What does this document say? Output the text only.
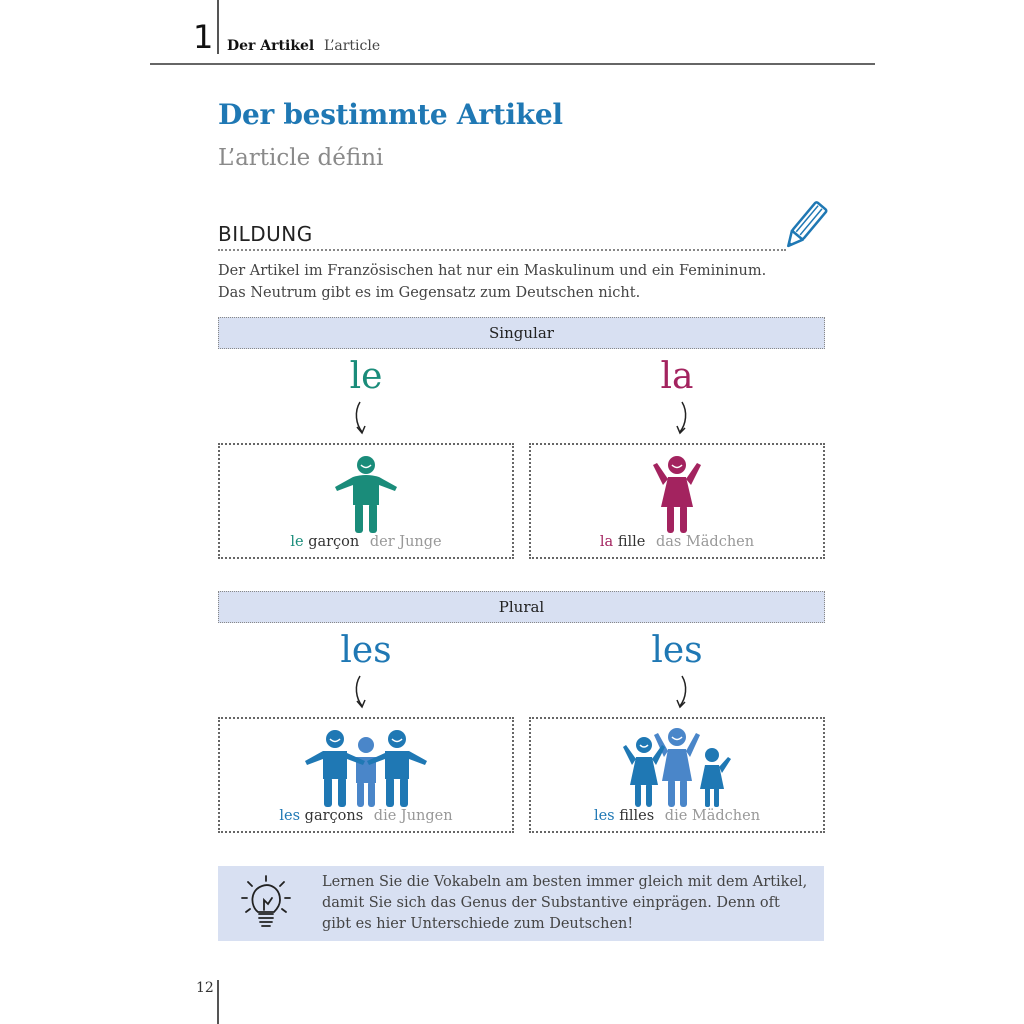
1 Der Artikel L’article
Der bestimmte Artikel
L’article défini
BILDUNG
Der Artikel im Französischen hat nur ein Maskulinum und ein Femininum.
Das Neutrum gibt es im Gegensatz zum Deutschen nicht.
Singular
le	la
le garçon der Junge	la fille das Mädchen
Plural
les	les
les garçons die Jungen	les filles die Mädchen
Lernen Sie die Vokabeln am besten immer gleich mit dem Artikel, damit Sie sich das Genus der Substantive einprägen. Denn oft gibt es hier Unterschiede zum Deutschen!
12
